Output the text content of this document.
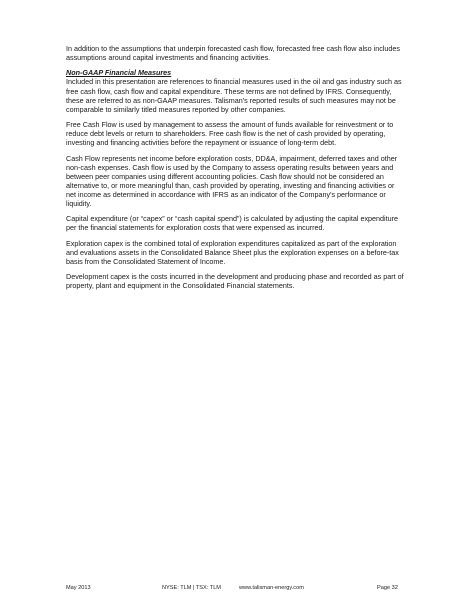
In addition to the assumptions that underpin forecasted cash flow, forecasted free cash flow also includes assumptions around capital investments and financing activities.

Non-GAAP Financial Measures

Included in this presentation are references to financial measures used in the oil and gas industry such as free cash flow, cash flow and capital expenditure. These terms are not defined by IFRS. Consequently, these are referred to as non-GAAP measures. Talisman's reported results of such measures may not be comparable to similarly titled measures reported by other companies.

Free Cash Flow is used by management to assess the amount of funds available for reinvestment or to reduce debt levels or return to shareholders. Free cash flow is the net of cash provided by operating, investing and financing activities before the repayment or issuance of long-term debt.

Cash Flow represents net income before exploration costs, DD&A, impairment, deferred taxes and other non-cash expenses. Cash flow is used by the Company to assess operating results between years and between peer companies using different accounting policies. Cash flow should not be considered an alternative to, or more meaningful than, cash provided by operating, investing and financing activities or net income as determined in accordance with IFRS as an indicator of the Company's performance or liquidity.

Capital expenditure (or “capex” or “cash capital spend”) is calculated by adjusting the capital expenditure per the financial statements for exploration costs that were expensed as incurred.

Exploration capex is the combined total of exploration expenditures capitalized as part of the exploration and evaluations assets in the Consolidated Balance Sheet plus the exploration expenses on a before-tax basis from the Consolidated Statement of Income.

Development capex is the costs incurred in the development and producing phase and recorded as part of property, plant and equipment in the Consolidated Financial statements.

May 2013	NYSE: TLM | TSX: TLM	www.talisman-energy.com	Page 32
